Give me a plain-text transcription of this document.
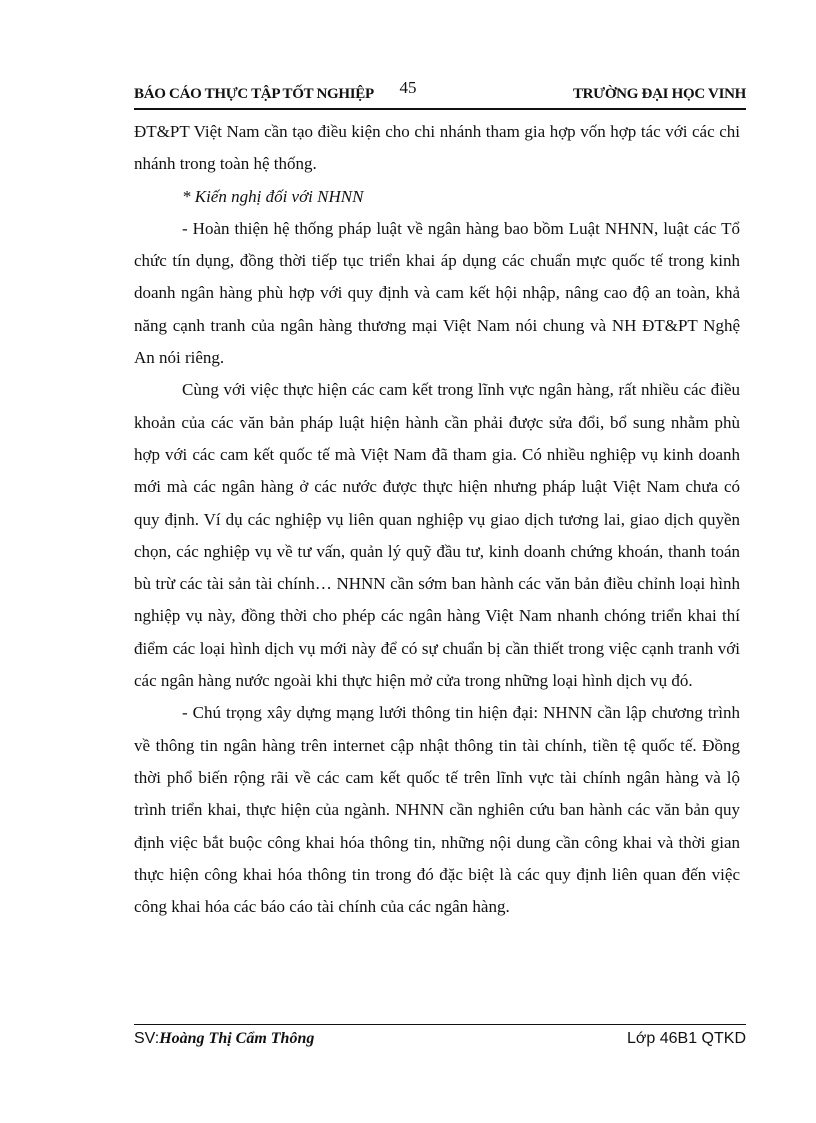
45
BÁO CÁO THỰC TẬP TỐT NGHIỆP	TRƯỜNG ĐẠI HỌC VINH

ĐT&PT Việt Nam cần tạo điều kiện cho chi nhánh tham gia hợp vốn hợp tác với các chi nhánh trong toàn hệ thống.

* Kiến nghị đối với NHNN

- Hoàn thiện hệ thống pháp luật về ngân hàng bao bồm Luật NHNN, luật các Tổ chức tín dụng, đồng thời tiếp tục triển khai áp dụng các chuẩn mực quốc tế trong kinh doanh ngân hàng phù hợp với quy định và cam kết hội nhập, nâng cao độ an toàn, khả năng cạnh tranh của ngân hàng thương mại Việt Nam nói chung và NH ĐT&PT Nghệ An nói riêng.

Cùng với việc thực hiện các cam kết trong lĩnh vực ngân hàng, rất nhiều các điều khoản của các văn bản pháp luật hiện hành cần phải được sửa đổi, bổ sung nhằm phù hợp với các cam kết quốc tế mà Việt Nam đã tham gia. Có nhiều nghiệp vụ kinh doanh mới mà các ngân hàng ở các nước được thực hiện nhưng pháp luật Việt Nam chưa có quy định. Ví dụ các nghiệp vụ liên quan nghiệp vụ giao dịch tương lai, giao dịch quyền chọn, các nghiệp vụ về tư vấn, quản lý quỹ đầu tư, kinh doanh chứng khoán, thanh toán bù trừ các tài sản tài chính… NHNN cần sớm ban hành các văn bản điều chỉnh loại hình nghiệp vụ này, đồng thời cho phép các ngân hàng Việt Nam nhanh chóng triển khai thí điểm các loại hình dịch vụ mới này để có sự chuẩn bị cần thiết trong việc cạnh tranh với các ngân hàng nước ngoài khi thực hiện mở cửa trong những loại hình dịch vụ đó.

- Chú trọng xây dựng mạng lưới thông tin hiện đại: NHNN cần lập chương trình về thông tin ngân hàng trên internet cập nhật thông tin tài chính, tiền tệ quốc tế. Đồng thời phổ biến rộng rãi về các cam kết quốc tế trên lĩnh vực tài chính ngân hàng và lộ trình triển khai, thực hiện của ngành. NHNN cần nghiên cứu ban hành các văn bản quy định việc bắt buộc công khai hóa thông tin, những nội dung cần công khai và thời gian thực hiện công khai hóa thông tin trong đó đặc biệt là các quy định liên quan đến việc công khai hóa các báo cáo tài chính của các ngân hàng.

SV:Hoàng Thị Cẩm Thông	Lớp 46B1 QTKD
